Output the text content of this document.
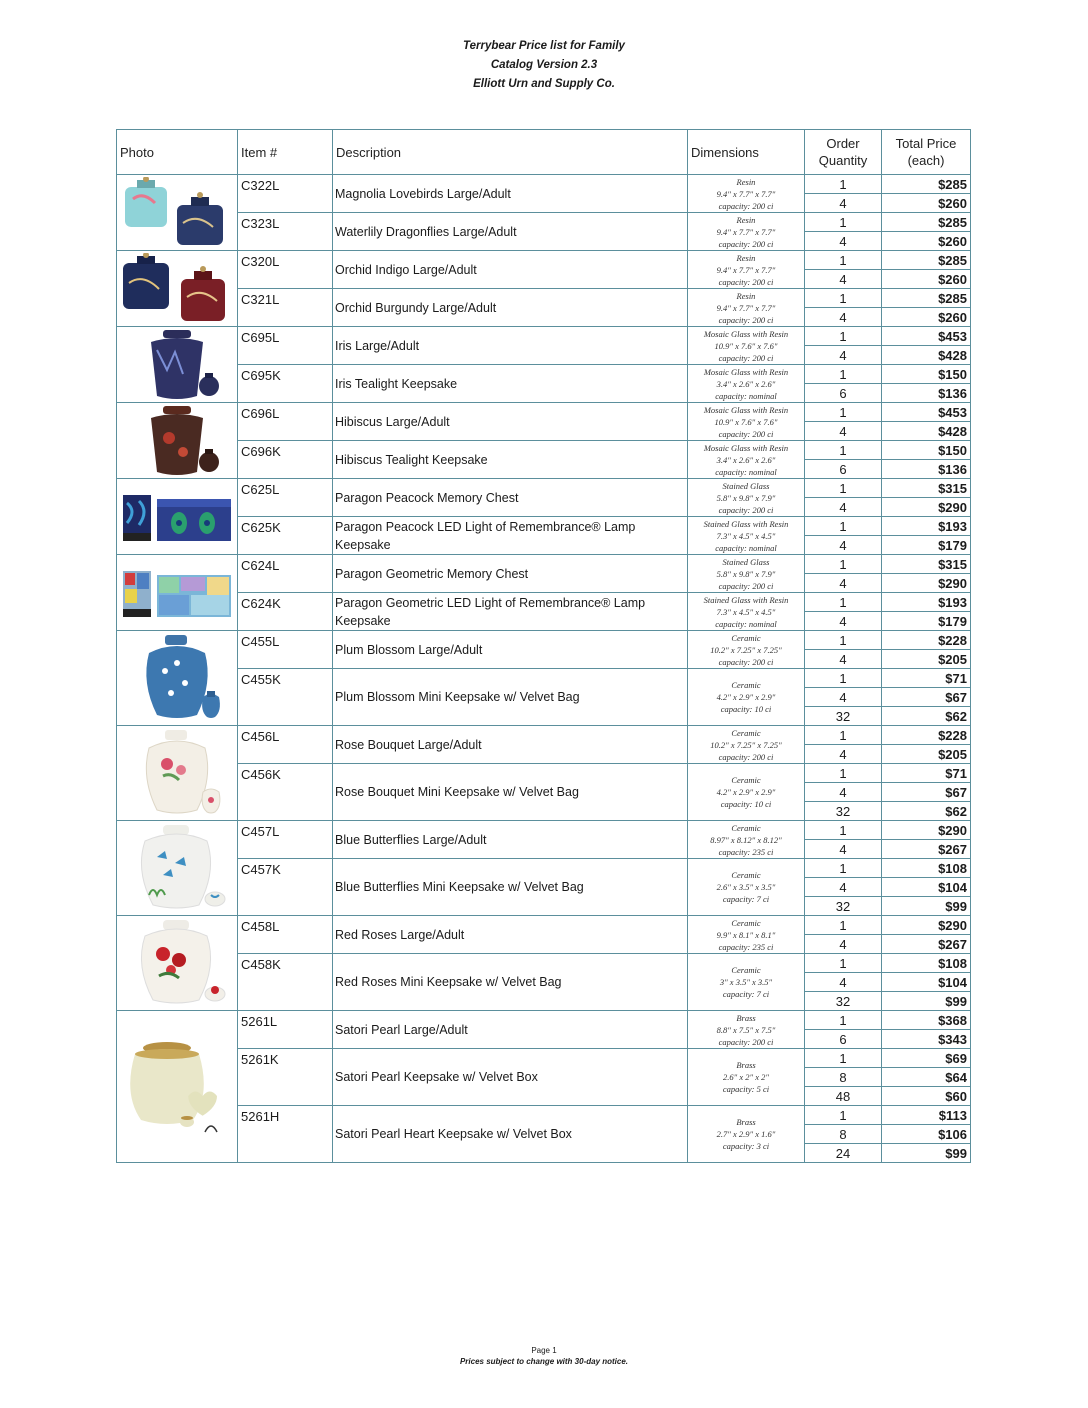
Terrybear Price list for Family
Catalog Version 2.3
Elliott Urn and Supply Co.
Photo	Item #	Description	Dimensions	Order
Quantity	Total Price
(each)

	C322L	Magnolia Lovebirds Large/Adult	Resin
9.4" x 7.7" x 7.7"
capacity: 200 ci	1	$285
				4	$260
	C323L	Waterlily Dragonflies Large/Adult	Resin
9.4" x 7.7" x 7.7"
capacity: 200 ci	1	$285
				4	$260

	C320L	Orchid Indigo Large/Adult	Resin
9.4" x 7.7" x 7.7"
capacity: 200 ci	1	$285
				4	$260
	C321L	Orchid Burgundy Large/Adult	Resin
9.4" x 7.7" x 7.7"
capacity: 200 ci	1	$285
				4	$260

	C695L	Iris Large/Adult	Mosaic Glass with Resin
10.9" x 7.6" x 7.6"
capacity: 200 ci	1	$453
				4	$428
	C695K	Iris Tealight Keepsake	Mosaic Glass with Resin
3.4" x 2.6" x 2.6"
capacity: nominal	1	$150
				6	$136

	C696L	Hibiscus Large/Adult	Mosaic Glass with Resin
10.9" x 7.6" x 7.6"
capacity: 200 ci	1	$453
				4	$428
	C696K	Hibiscus Tealight Keepsake	Mosaic Glass with Resin
3.4" x 2.6" x 2.6"
capacity: nominal	1	$150
				6	$136

	C625L	Paragon Peacock Memory Chest	Stained Glass
5.8" x 9.8" x 7.9"
capacity: 200 ci	1	$315
				4	$290
	C625K	Paragon Peacock LED Light of Remembrance® Lamp Keepsake	Stained Glass with Resin
7.3" x 4.5" x 4.5"
capacity: nominal	1	$193
				4	$179

	C624L	Paragon Geometric Memory Chest	Stained Glass
5.8" x 9.8" x 7.9"
capacity: 200 ci	1	$315
				4	$290
	C624K	Paragon Geometric LED Light of Remembrance® Lamp Keepsake	Stained Glass with Resin
7.3" x 4.5" x 4.5"
capacity: nominal	1	$193
				4	$179

	C455L	Plum Blossom Large/Adult	Ceramic
10.2" x 7.25" x 7.25"
capacity: 200 ci	1	$228
				4	$205
	C455K	Plum Blossom Mini Keepsake w/ Velvet Bag	Ceramic
4.2" x 2.9" x 2.9"
capacity: 10 ci	1	$71
				4	$67
				32	$62

	C456L	Rose Bouquet Large/Adult	Ceramic
10.2" x 7.25" x 7.25"
capacity: 200 ci	1	$228
				4	$205
	C456K	Rose Bouquet Mini Keepsake w/ Velvet Bag	Ceramic
4.2" x 2.9" x 2.9"
capacity: 10 ci	1	$71
				4	$67
				32	$62

	C457L	Blue Butterflies Large/Adult	Ceramic
8.97" x 8.12" x 8.12"
capacity: 235 ci	1	$290
				4	$267
	C457K	Blue Butterflies Mini Keepsake w/ Velvet Bag	Ceramic
2.6" x 3.5" x 3.5"
capacity: 7 ci	1	$108
				4	$104
				32	$99

	C458L	Red Roses Large/Adult	Ceramic
9.9" x 8.1" x 8.1"
capacity: 235 ci	1	$290
				4	$267
	C458K	Red Roses Mini Keepsake w/ Velvet Bag	Ceramic
3" x 3.5" x 3.5"
capacity: 7 ci	1	$108
				4	$104
				32	$99

	5261L	Satori Pearl Large/Adult	Brass
8.8" x 7.5" x 7.5"
capacity: 200 ci	1	$368
				6	$343
	5261K	Satori Pearl Keepsake w/ Velvet Box	Brass
2.6" x 2" x 2"
capacity: 5 ci	1	$69
				8	$64
				48	$60
	5261H	Satori Pearl Heart Keepsake w/ Velvet Box	Brass
2.7" x 2.9" x 1.6"
capacity: 3 ci	1	$113
				8	$106
				24	$99
Page 1
Prices subject to change with 30-day notice.
